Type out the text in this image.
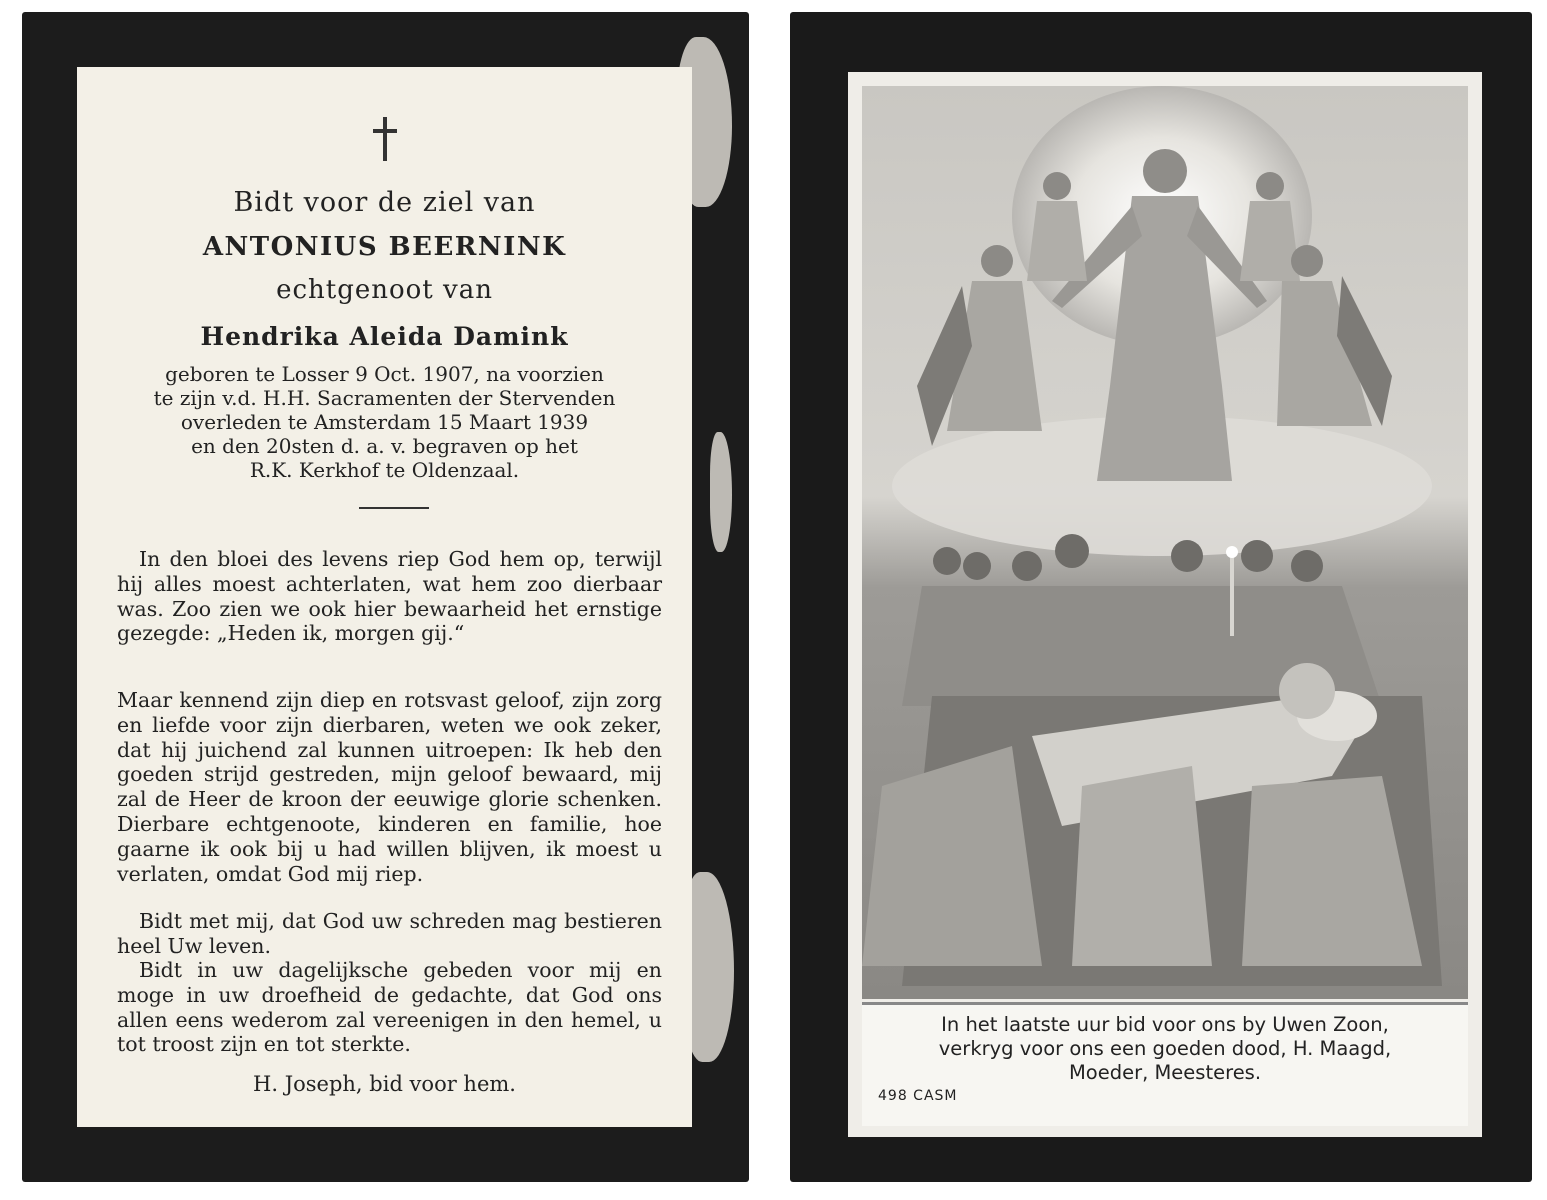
Bidt voor de ziel van
ANTONIUS BEERNINK
echtgenoot van
Hendrika Aleida Damink
geboren te Losser 9 Oct. 1907, na voorzien
te zijn v.d. H.H. Sacramenten der Stervenden
overleden te Amsterdam 15 Maart 1939
en den 20sten d. a. v. begraven op het
R.K. Kerkhof te Oldenzaal.
In den bloei des levens riep God hem op, terwijl hij alles moest achterlaten, wat hem zoo dierbaar was. Zoo zien we ook hier bewaarheid het ernstige gezegde: „Heden ik, morgen gij.“
Maar kennend zijn diep en rotsvast geloof, zijn zorg en liefde voor zijn dierbaren, weten we ook zeker, dat hij juichend zal kunnen uitroepen: Ik heb den goeden strijd gestreden, mijn geloof bewaard, mij zal de Heer de kroon der eeuwige glorie schenken. Dierbare echtgenoote, kinderen en familie, hoe gaarne ik ook bij u had willen blijven, ik moest u verlaten, omdat God mij riep.
Bidt met mij, dat God uw schreden mag bestieren heel Uw leven.
Bidt in uw dagelijksche gebeden voor mij en moge in uw droefheid de gedachte, dat God ons allen eens wederom zal vereenigen in den hemel, u tot troost zijn en tot sterkte.
H. Joseph, bid voor hem.
In het laatste uur bid voor ons by Uwen Zoon,
verkryg voor ons een goeden dood, H. Maagd,
Moeder, Meesteres.
498 CASM
